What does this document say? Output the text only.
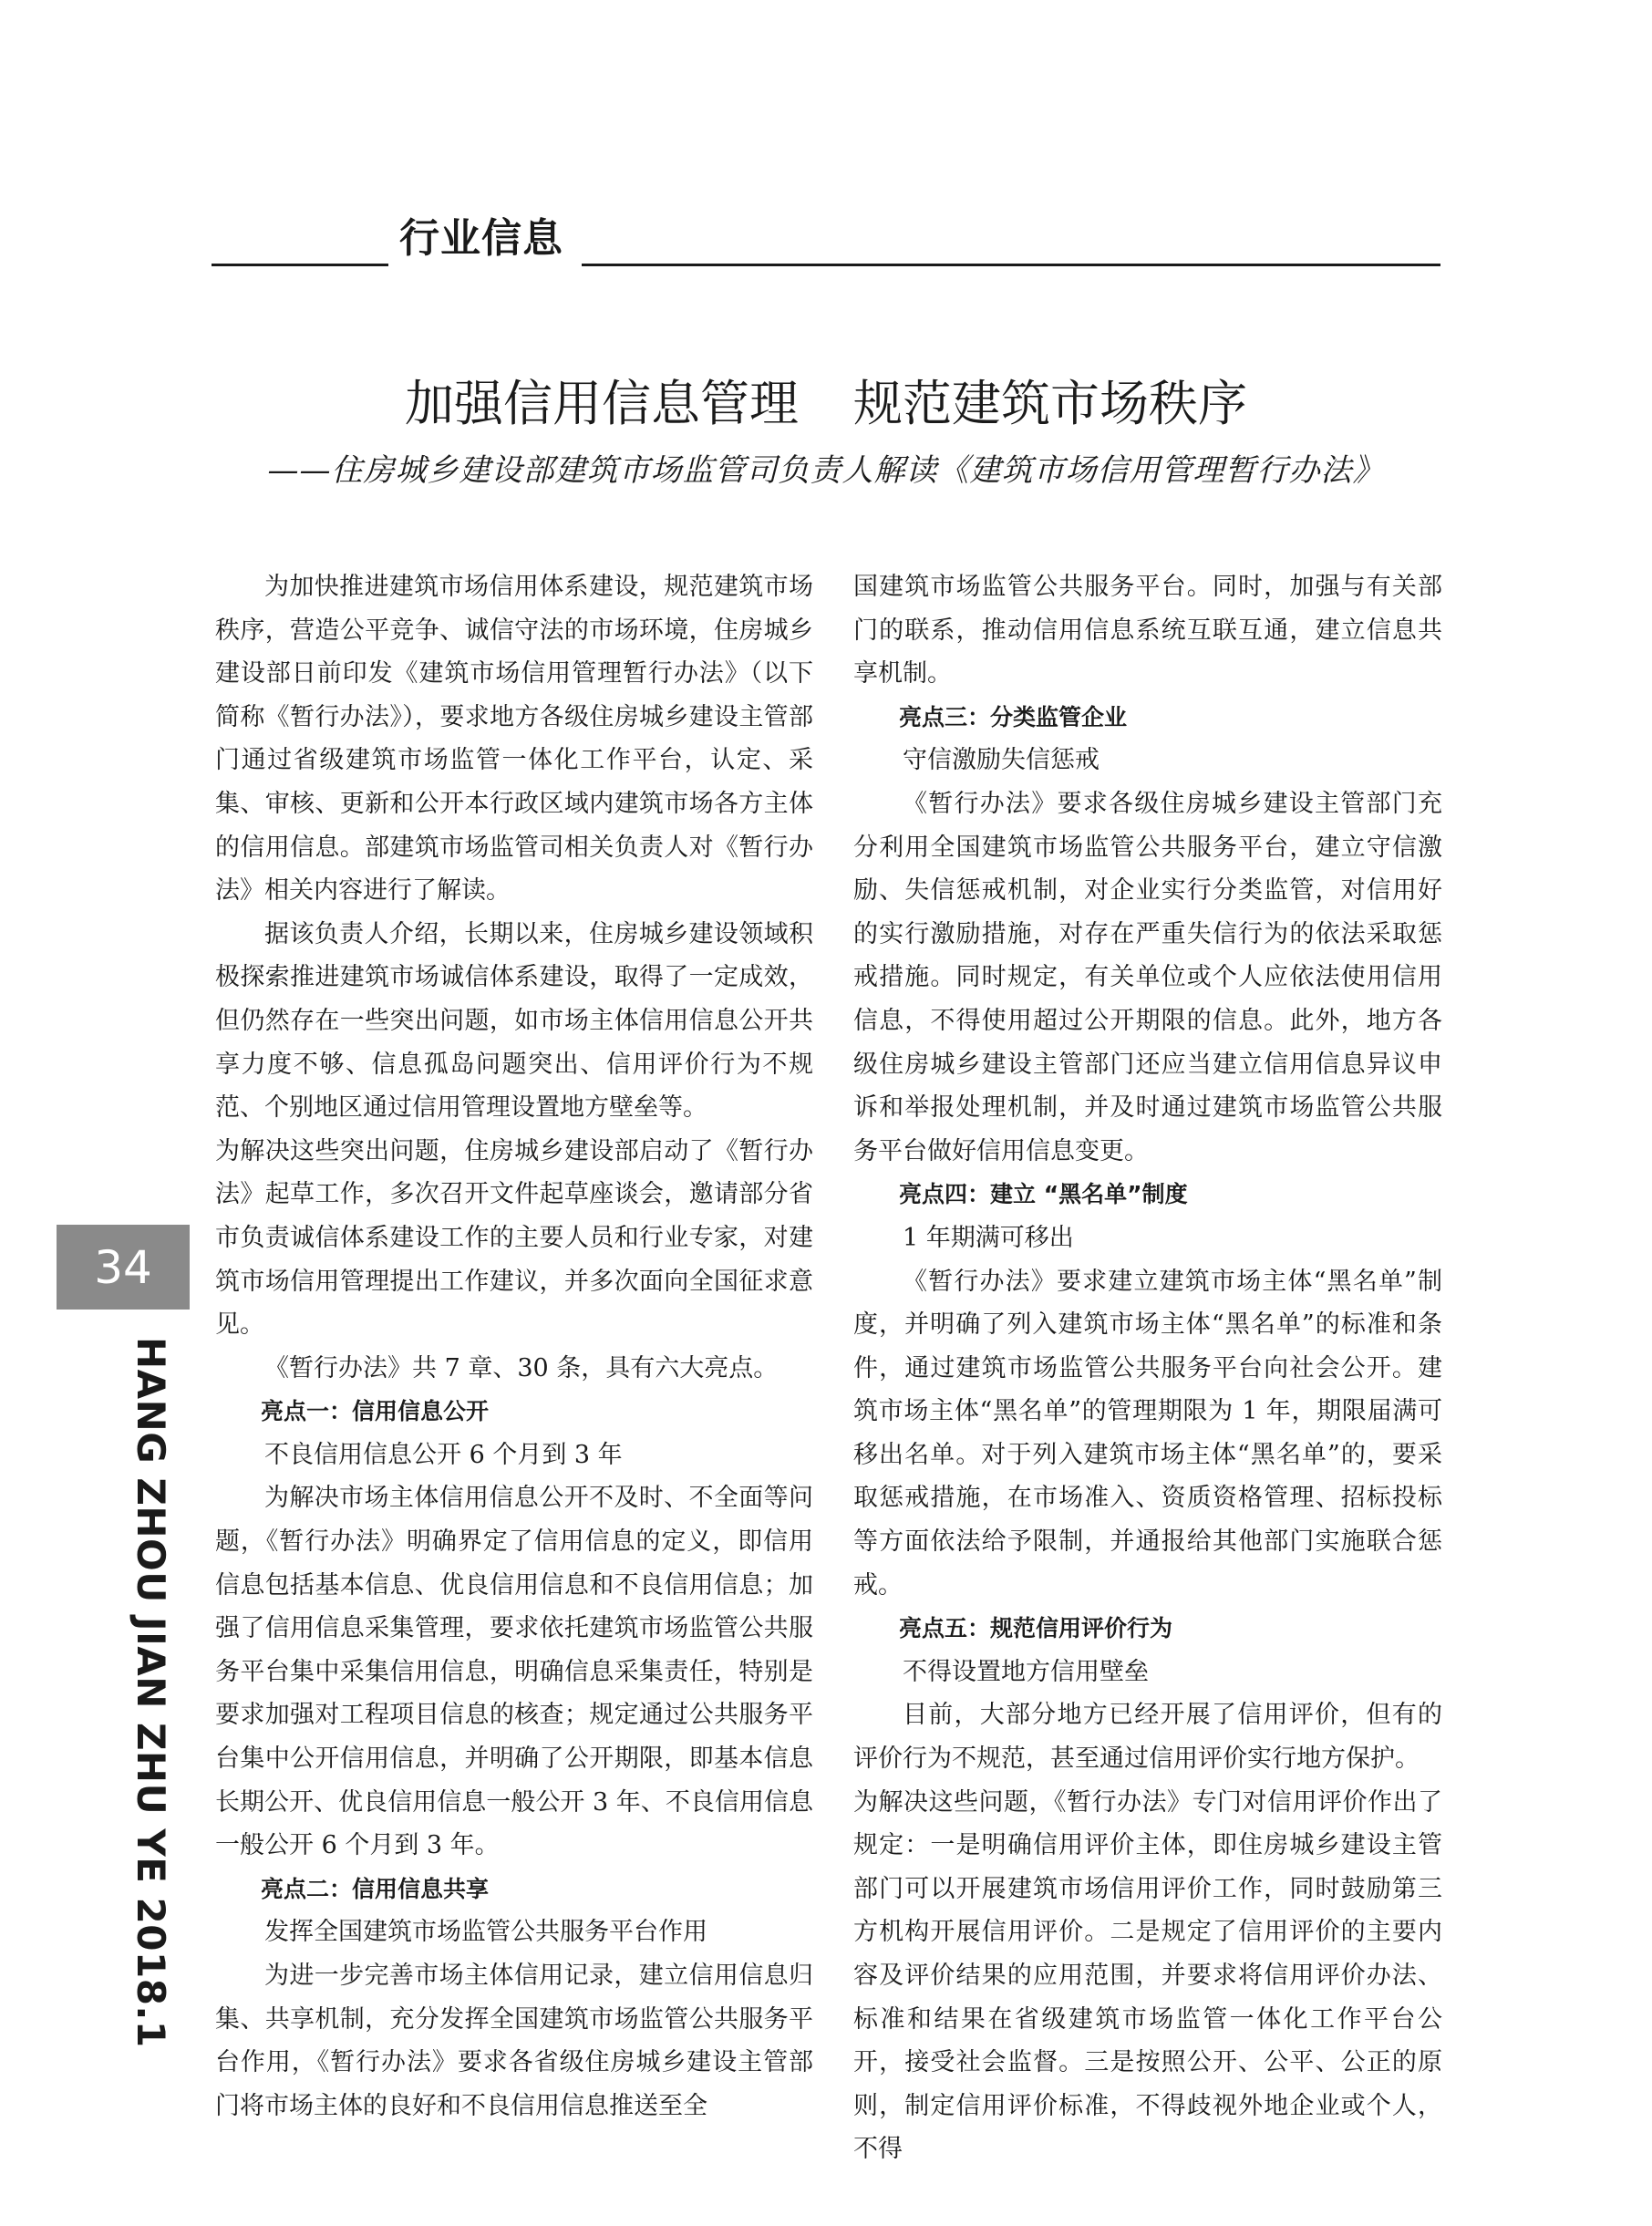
行业信息
加强信用信息管理 规范建筑市场秩序
——住房城乡建设部建筑市场监管司负责人解读《建筑市场信用管理暂行办法》

为加快推进建筑市场信用体系建设，规范建筑市场秩序，营造公平竞争、诚信守法的市场环境，住房城乡建设部日前印发《建筑市场信用管理暂行办法》（以下简称《暂行办法》），要求地方各级住房城乡建设主管部门通过省级建筑市场监管一体化工作平台，认定、采集、审核、更新和公开本行政区域内建筑市场各方主体的信用信息。部建筑市场监管司相关负责人对《暂行办法》相关内容进行了解读。

据该负责人介绍，长期以来，住房城乡建设领域积极探索推进建筑市场诚信体系建设，取得了一定成效，但仍然存在一些突出问题，如市场主体信用信息公开共享力度不够、信息孤岛问题突出、信用评价行为不规范、个别地区通过信用管理设置地方壁垒等。

为解决这些突出问题，住房城乡建设部启动了《暂行办法》起草工作，多次召开文件起草座谈会，邀请部分省市负责诚信体系建设工作的主要人员和行业专家，对建筑市场信用管理提出工作建议，并多次面向全国征求意见。

《暂行办法》共 7 章、30 条，具有六大亮点。

亮点一：信用信息公开

不良信用信息公开 6 个月到 3 年

为解决市场主体信用信息公开不及时、不全面等问题，《暂行办法》明确界定了信用信息的定义，即信用信息包括基本信息、优良信用信息和不良信用信息；加强了信用信息采集管理，要求依托建筑市场监管公共服务平台集中采集信用信息，明确信息采集责任，特别是要求加强对工程项目信息的核查；规定通过公共服务平台集中公开信用信息，并明确了公开期限，即基本信息长期公开、优良信用信息一般公开 3 年、不良信用信息一般公开 6 个月到 3 年。

亮点二：信用信息共享

发挥全国建筑市场监管公共服务平台作用

为进一步完善市场主体信用记录，建立信用信息归集、共享机制，充分发挥全国建筑市场监管公共服务平台作用，《暂行办法》要求各省级住房城乡建设主管部门将市场主体的良好和不良信用信息推送至全

国建筑市场监管公共服务平台。同时，加强与有关部门的联系，推动信用信息系统互联互通，建立信息共享机制。

亮点三：分类监管企业

守信激励失信惩戒

《暂行办法》要求各级住房城乡建设主管部门充分利用全国建筑市场监管公共服务平台，建立守信激励、失信惩戒机制，对企业实行分类监管，对信用好的实行激励措施，对存在严重失信行为的依法采取惩戒措施。同时规定，有关单位或个人应依法使用信用信息，不得使用超过公开期限的信息。此外，地方各级住房城乡建设主管部门还应当建立信用信息异议申诉和举报处理机制，并及时通过建筑市场监管公共服务平台做好信用信息变更。

亮点四：建立 “黑名单”制度

1 年期满可移出

《暂行办法》要求建立建筑市场主体“黑名单”制度，并明确了列入建筑市场主体“黑名单”的标准和条件，通过建筑市场监管公共服务平台向社会公开。建筑市场主体“黑名单”的管理期限为 1 年，期限届满可移出名单。对于列入建筑市场主体“黑名单”的，要采取惩戒措施，在市场准入、资质资格管理、招标投标等方面依法给予限制，并通报给其他部门实施联合惩戒。

亮点五：规范信用评价行为

不得设置地方信用壁垒

目前，大部分地方已经开展了信用评价，但有的评价行为不规范，甚至通过信用评价实行地方保护。

为解决这些问题，《暂行办法》专门对信用评价作出了规定：一是明确信用评价主体，即住房城乡建设主管部门可以开展建筑市场信用评价工作，同时鼓励第三方机构开展信用评价。二是规定了信用评价的主要内容及评价结果的应用范围，并要求将信用评价办法、标准和结果在省级建筑市场监管一体化工作平台公开，接受社会监督。三是按照公开、公平、公正的原则，制定信用评价标准，不得歧视外地企业或个人，不得

34
HANG ZHOU JIAN ZHU YE 2018.1
